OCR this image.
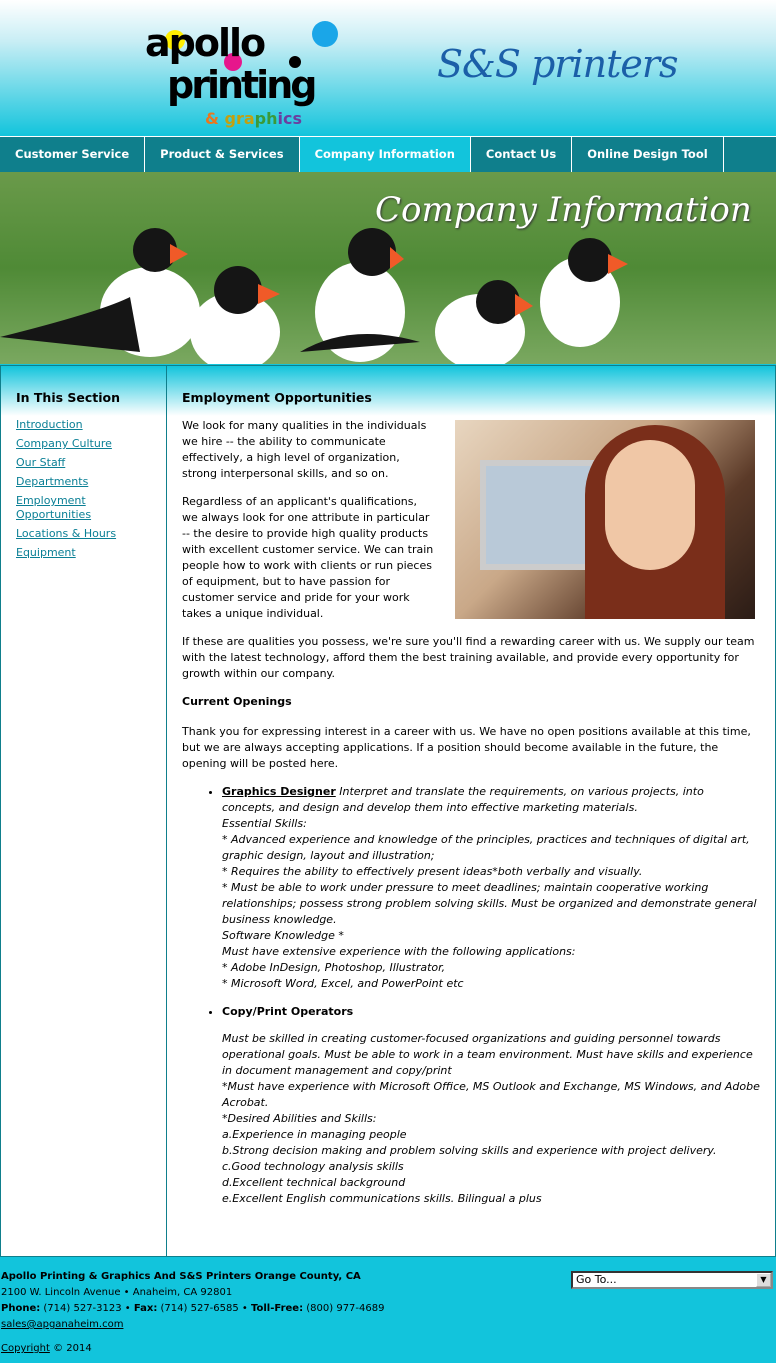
apollo
printing
& graphics
S&S printers
Customer Service	Product & Services	Company Information	Contact Us	Online Design Tool
Company Information
In This Section
Introduction
Company Culture
Our Staff
Departments
Employment Opportunities
Locations & Hours
Equipment
Employment Opportunities

We look for many qualities in the individuals we hire -- the ability to communicate effectively, a high level of organization, strong interpersonal skills, and so on.

Regardless of an applicant's qualifications, we always look for one attribute in particular -- the desire to provide high quality products with excellent customer service. We can train people how to work with clients or run pieces of equipment, but to have passion for customer service and pride for your work takes a unique individual.

If these are qualities you possess, we're sure you'll find a rewarding career with us. We supply our team with the latest technology, afford them the best training available, and provide every opportunity for growth within our company.

Current Openings

Thank you for expressing interest in a career with us. We have no open positions available at this time, but we are always accepting applications. If a position should become available in the future, the opening will be posted here.

• Graphics Designer Interpret and translate the requirements, on various projects, into concepts, and design and develop them into effective marketing materials.
Essential Skills:
* Advanced experience and knowledge of the principles, practices and techniques of digital art, graphic design, layout and illustration;
* Requires the ability to effectively present ideas*both verbally and visually.
* Must be able to work under pressure to meet deadlines; maintain cooperative working relationships; possess strong problem solving skills. Must be organized and demonstrate general business knowledge.
Software Knowledge *
Must have extensive experience with the following applications:
* Adobe InDesign, Photoshop, Illustrator,
* Microsoft Word, Excel, and PowerPoint etc
• Copy/Print Operators
Must be skilled in creating customer-focused organizations and guiding personnel towards operational goals. Must be able to work in a team environment. Must have skills and experience in document management and copy/print
*Must have experience with Microsoft Office, MS Outlook and Exchange, MS Windows, and Adobe Acrobat.
*Desired Abilities and Skills:
a.Experience in managing people
b.Strong decision making and problem solving skills and experience with project delivery.
c.Good technology analysis skills
d.Excellent technical background
e.Excellent English communications skills. Bilingual a plus
Apollo Printing & Graphics And S&S Printers Orange County, CA
2100 W. Lincoln Avenue • Anaheim, CA 92801
Phone: (714) 527-3123 • Fax: (714) 527-6585 • Toll-Free: (800) 977-4689
sales@apganaheim.com
Copyright © 2014
Go To...	▼
